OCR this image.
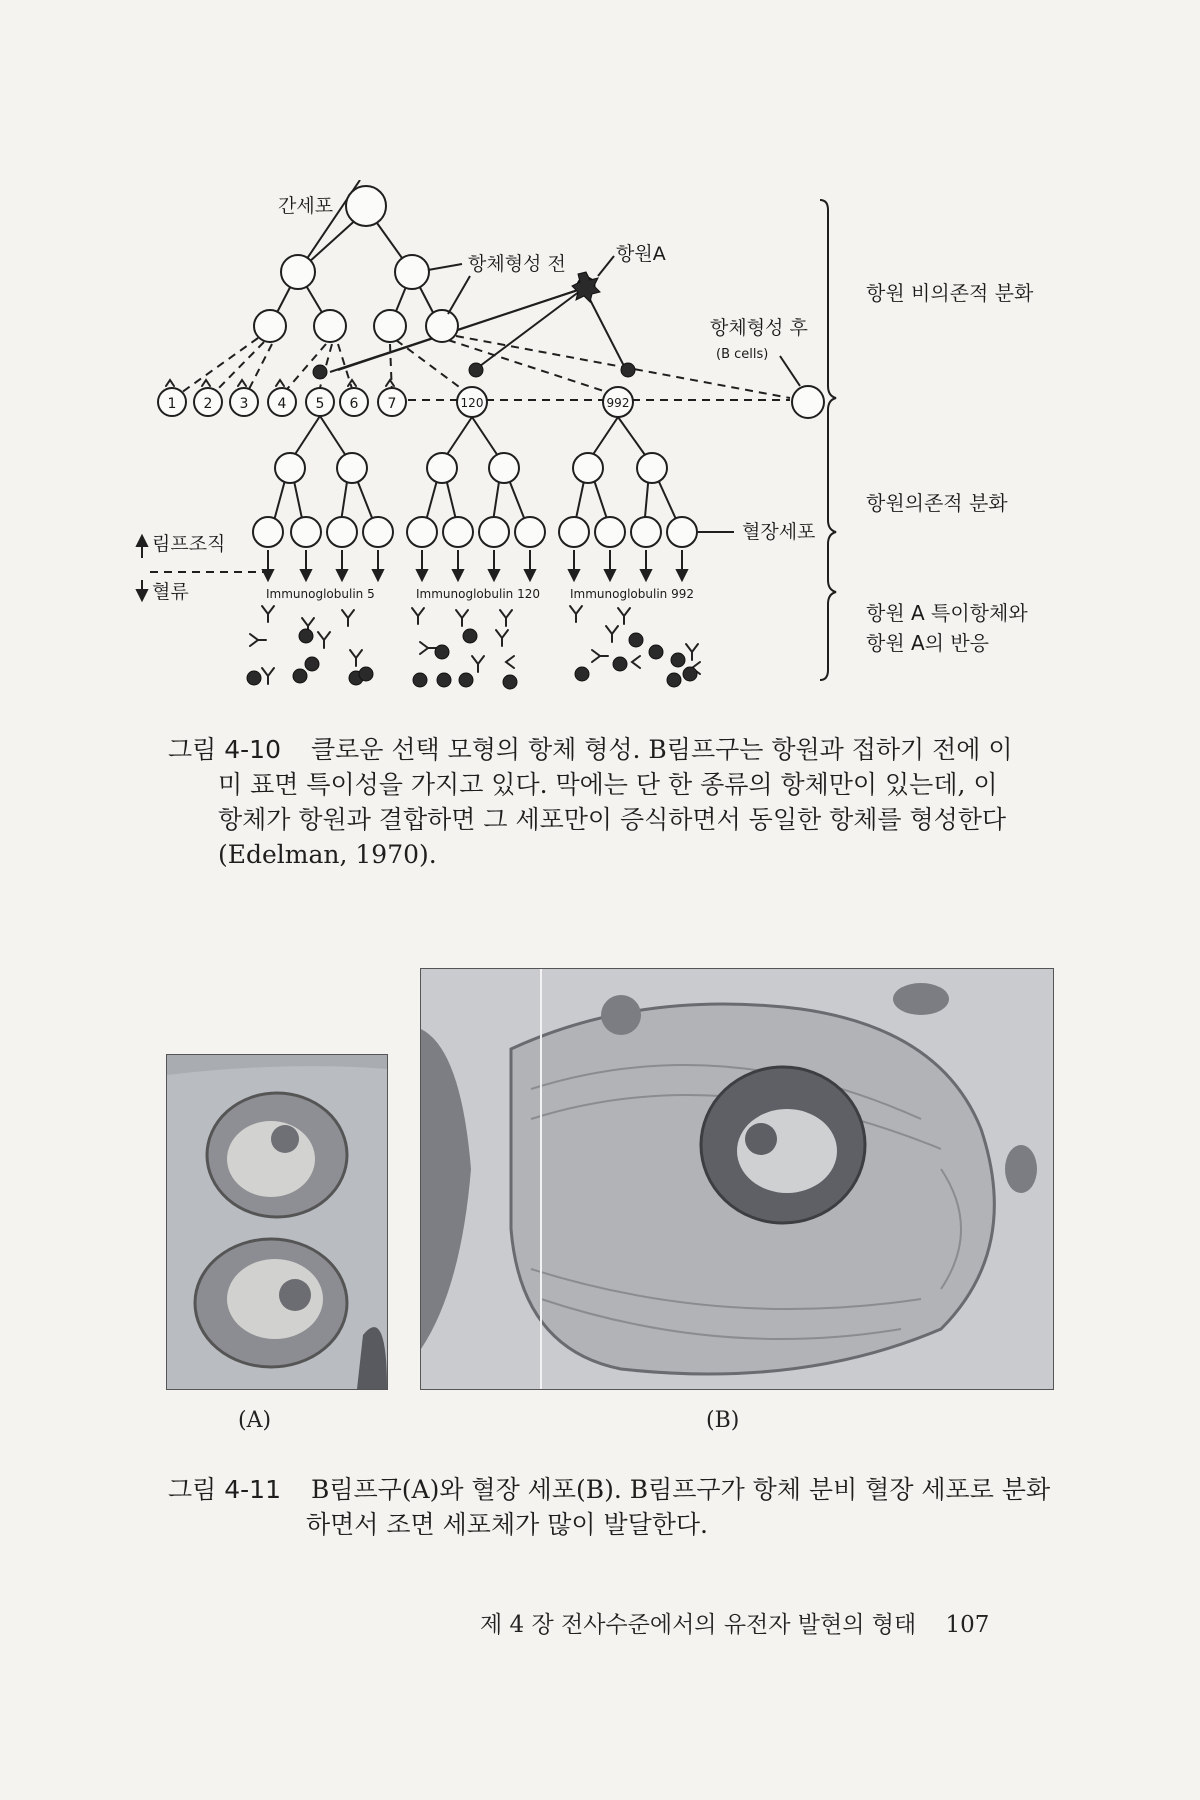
1 2 3 4 5 6 7	120	992
간세포
항체형성 전	항원A
항체형성 후
(B cells)
혈장세포
림프조직
혈류	Immunoglobulin 5	Immunoglobulin 120	Immunoglobulin 992
항원 비의존적 분화
항원의존적 분화
항원 A 특이항체와
항원 A의 반응
그림 4-10 클로운 선택 모형의 항체 형성. B림프구는 항원과 접하기 전에 이
미 표면 특이성을 가지고 있다. 막에는 단 한 종류의 항체만이 있는데, 이
항체가 항원과 결합하면 그 세포만이 증식하면서 동일한 항체를 형성한다
(Edelman, 1970).
(A)	(B)
그림 4-11 B림프구(A)와 혈장 세포(B). B림프구가 항체 분비 혈장 세포로 분화
하면서 조면 세포체가 많이 발달한다.
제 4 장 전사수준에서의 유전자 발현의 형태 107
